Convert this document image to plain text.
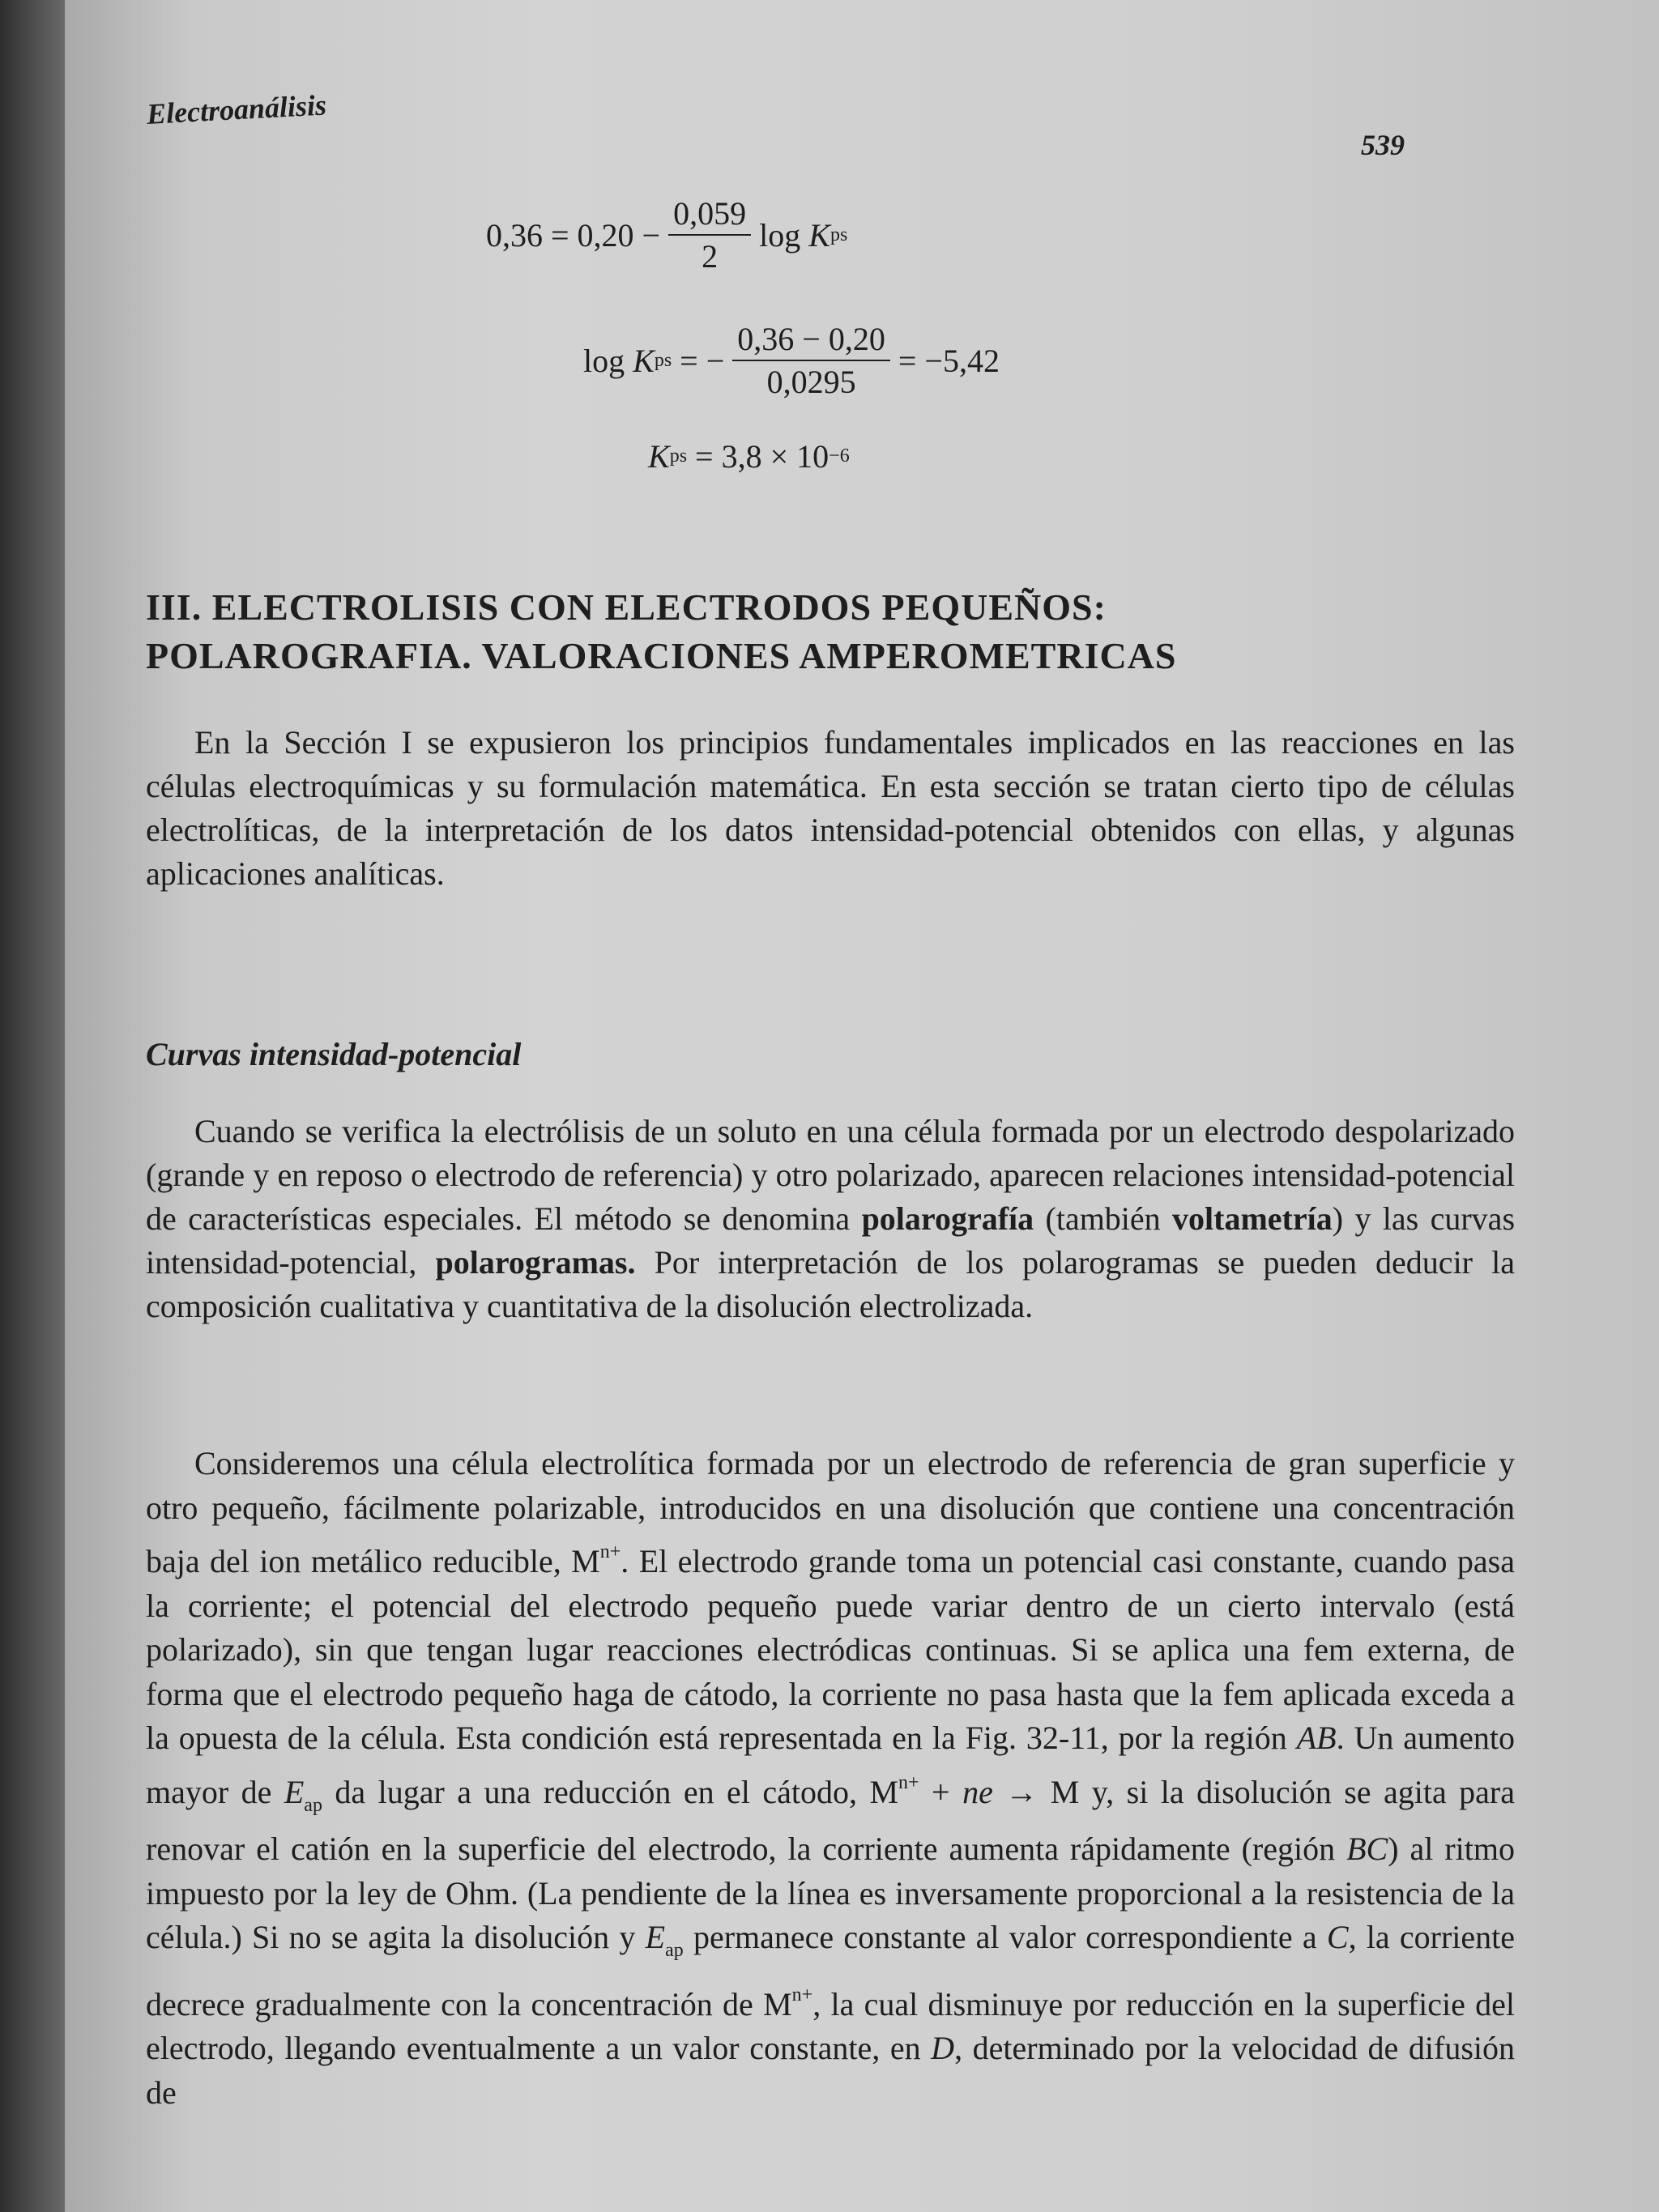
Electroanálisis
539
$0,36 = 0,20 - \frac{0,059}{2}$ log
K ps
log
K ps
= − $\frac{0,36 - 0,20}{0,0295} = -5,42$
K ps
= 3,8 × 10 −6
III. ELECTROLISIS CON ELECTRODOS PEQUEÑOS:
POLAROGRAFIA. VALORACIONES AMPEROMETRICAS
En la Sección I se expusieron los principios fundamentales implicados en las reacciones en las células electroquímicas y su formulación matemática. En esta sección se tratan cierto tipo de células electrolíticas, de la interpretación de los datos intensidad-potencial obtenidos con ellas, y algunas aplicaciones analíticas.
Curvas intensidad-potencial
Cuando se verifica la electrólisis de un soluto en una célula formada por un electrodo despolarizado (grande y en reposo o electrodo de referencia) y otro polarizado, aparecen relaciones intensidad-potencial de características especiales. El método se denomina polarografía (también voltametría) y las curvas intensidad-potencial, polarogramas. Por interpretación de los polarogramas se pueden deducir la composición cualitativa y cuantitativa de la disolución electrolizada.
Consideremos una célula electrolítica formada por un electrodo de referencia de gran superficie y otro pequeño, fácilmente polarizable, introducidos en una disolución que contiene una concentración baja del ion metálico reducible, $M^{n+}$. El electrodo grande toma un potencial casi constante, cuando pasa la corriente; el potencial del electrodo pequeño puede variar dentro de un cierto intervalo (está polarizado), sin que tengan lugar reacciones electródicas continuas. Si se aplica una fem externa, de forma que el electrodo pequeño haga de cátodo, la corriente no pasa hasta que la fem aplicada exceda a la opuesta de la célula. Esta condición está representada en la Fig. 32-11, por la región AB. Un aumento mayor de $E_{ap}$ da lugar a una reducción en el cátodo, $M^{n+}$ + ne → M y, si la disolución se agita para renovar el catión en la superficie del electrodo, la corriente aumenta rápidamente (región BC) al ritmo impuesto por la ley de Ohm. (La pendiente de la línea es inversamente proporcional a la resistencia de la célula.) Si no se agita la disolución y $E_{ap}$ permanece constante al valor correspondiente a C, la corriente decrece gradualmente con la concentración de $M^{n+}$, la cual disminuye por reducción en la superficie del electrodo, llegando eventualmente a un valor constante, en D, determinado por la velocidad de difusión de
